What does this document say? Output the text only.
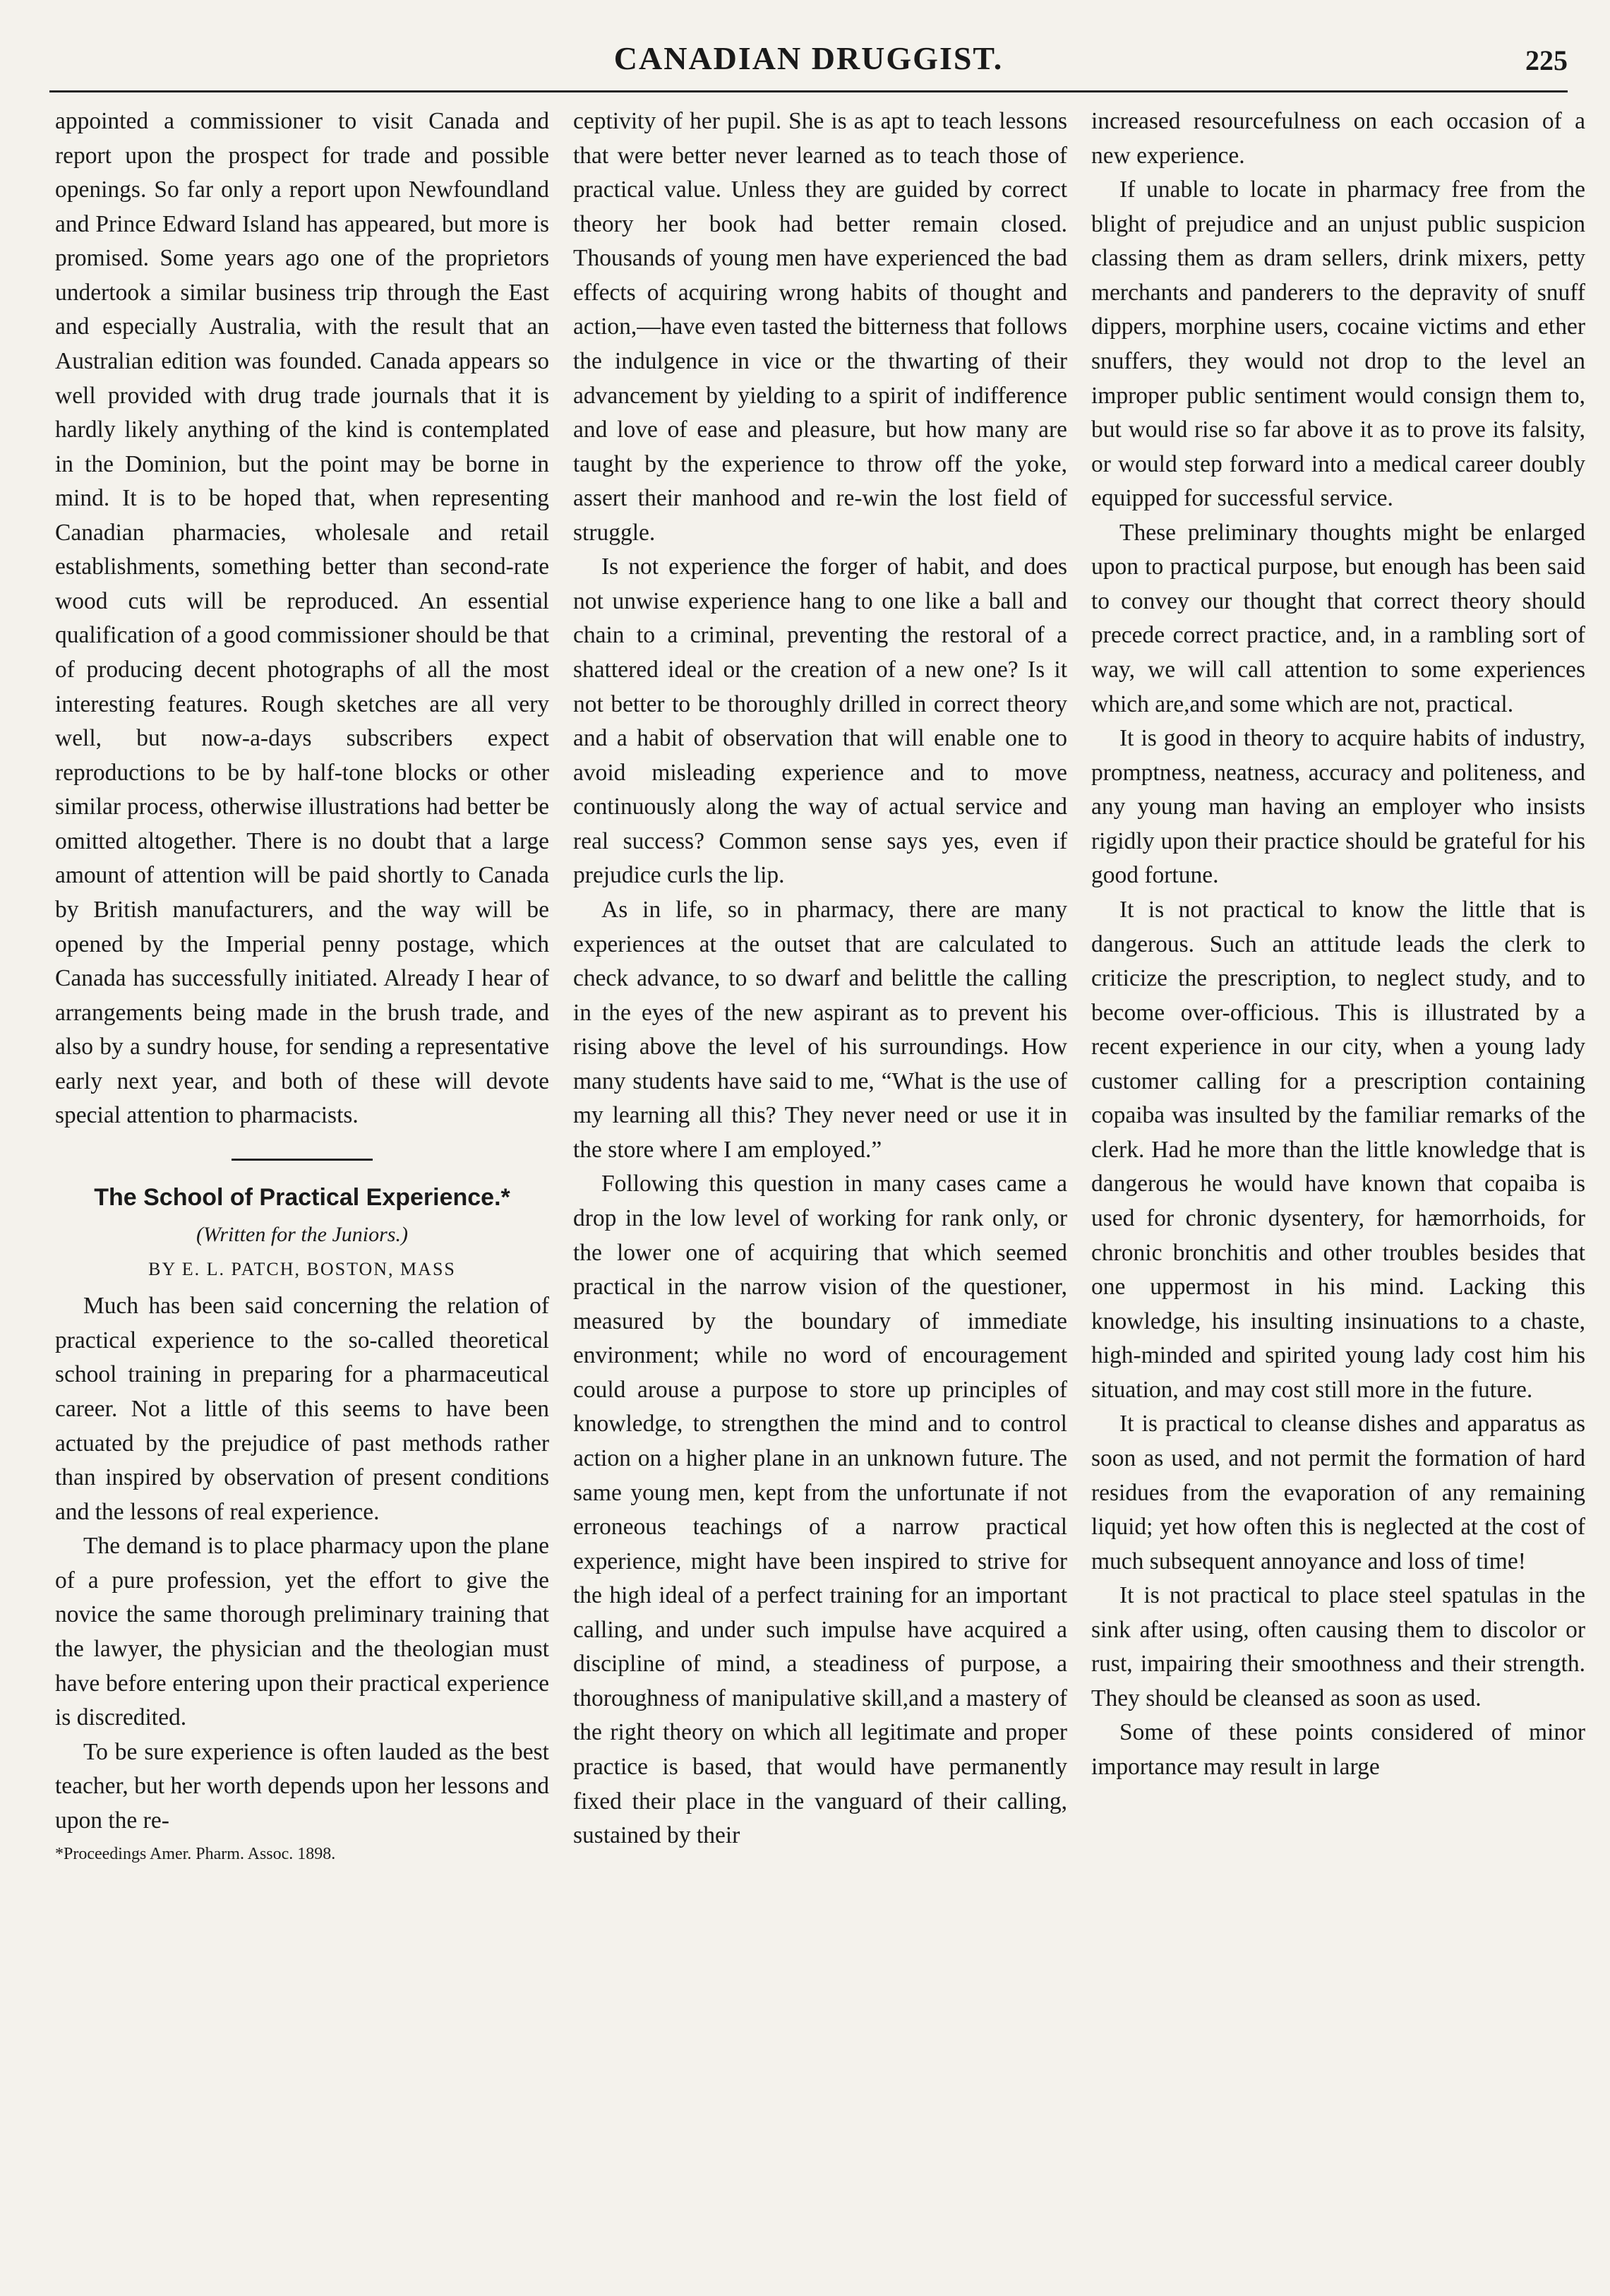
CANADIAN DRUGGIST.	225

appointed a commissioner to visit Canada and report upon the prospect for trade and possible openings. So far only a report upon Newfoundland and Prince Edward Island has appeared, but more is promised. Some years ago one of the proprietors undertook a similar business trip through the East and especially Australia, with the result that an Australian edition was founded. Canada appears so well provided with drug trade journals that it is hardly likely anything of the kind is contemplated in the Dominion, but the point may be borne in mind. It is to be hoped that, when representing Canadian pharmacies, wholesale and retail establishments, something better than second-rate wood cuts will be reproduced. An essential qualification of a good commissioner should be that of producing decent photographs of all the most interesting features. Rough sketches are all very well, but now-a-days subscribers expect reproductions to be by half-tone blocks or other similar process, otherwise illustrations had better be omitted altogether. There is no doubt that a large amount of attention will be paid shortly to Canada by British manufacturers, and the way will be opened by the Imperial penny postage, which Canada has successfully initiated. Already I hear of arrangements being made in the brush trade, and also by a sundry house, for sending a representative early next year, and both of these will devote special attention to pharmacists.

The School of Practical Experience.*
(Written for the Juniors.)
BY E. L. PATCH, BOSTON, MASS

Much has been said concerning the relation of practical experience to the so-called theoretical school training in preparing for a pharmaceutical career. Not a little of this seems to have been actuated by the prejudice of past methods rather than inspired by observation of present conditions and the lessons of real experience.

The demand is to place pharmacy upon the plane of a pure profession, yet the effort to give the novice the same thorough preliminary training that the lawyer, the physician and the theologian must have before entering upon their practical experience is discredited.

To be sure experience is often lauded as the best teacher, but her worth depends upon her lessons and upon the re-

*Proceedings Amer. Pharm. Assoc. 1898.

ceptivity of her pupil. She is as apt to teach lessons that were better never learned as to teach those of practical value. Unless they are guided by correct theory her book had better remain closed. Thousands of young men have experienced the bad effects of acquiring wrong habits of thought and action,—have even tasted the bitterness that follows the indulgence in vice or the thwarting of their advancement by yielding to a spirit of indifference and love of ease and pleasure, but how many are taught by the experience to throw off the yoke, assert their manhood and re-win the lost field of struggle.

Is not experience the forger of habit, and does not unwise experience hang to one like a ball and chain to a criminal, preventing the restoral of a shattered ideal or the creation of a new one? Is it not better to be thoroughly drilled in correct theory and a habit of observation that will enable one to avoid misleading experience and to move continuously along the way of actual service and real success? Common sense says yes, even if prejudice curls the lip.

As in life, so in pharmacy, there are many experiences at the outset that are calculated to check advance, to so dwarf and belittle the calling in the eyes of the new aspirant as to prevent his rising above the level of his surroundings. How many students have said to me, “What is the use of my learning all this? They never need or use it in the store where I am employed.”

Following this question in many cases came a drop in the low level of working for rank only, or the lower one of acquiring that which seemed practical in the narrow vision of the questioner, measured by the boundary of immediate environment; while no word of encouragement could arouse a purpose to store up principles of knowledge, to strengthen the mind and to control action on a higher plane in an unknown future. The same young men, kept from the unfortunate if not erroneous teachings of a narrow practical experience, might have been inspired to strive for the high ideal of a perfect training for an important calling, and under such impulse have acquired a discipline of mind, a steadiness of purpose, a thoroughness of manipulative skill,and a mastery of the right theory on which all legitimate and proper practice is based, that would have permanently fixed their place in the vanguard of their calling, sustained by their

increased resourcefulness on each occasion of a new experience.

If unable to locate in pharmacy free from the blight of prejudice and an unjust public suspicion classing them as dram sellers, drink mixers, petty merchants and panderers to the depravity of snuff dippers, morphine users, cocaine victims and ether snuffers, they would not drop to the level an improper public sentiment would consign them to, but would rise so far above it as to prove its falsity, or would step forward into a medical career doubly equipped for successful service.

These preliminary thoughts might be enlarged upon to practical purpose, but enough has been said to convey our thought that correct theory should precede correct practice, and, in a rambling sort of way, we will call attention to some experiences which are,and some which are not, practical.

It is good in theory to acquire habits of industry, promptness, neatness, accuracy and politeness, and any young man having an employer who insists rigidly upon their practice should be grateful for his good fortune.

It is not practical to know the little that is dangerous. Such an attitude leads the clerk to criticize the prescription, to neglect study, and to become over-officious. This is illustrated by a recent experience in our city, when a young lady customer calling for a prescription containing copaiba was insulted by the familiar remarks of the clerk. Had he more than the little knowledge that is dangerous he would have known that copaiba is used for chronic dysentery, for hæmorrhoids, for chronic bronchitis and other troubles besides that one uppermost in his mind. Lacking this knowledge, his insulting insinuations to a chaste, high-minded and spirited young lady cost him his situation, and may cost still more in the future.

It is practical to cleanse dishes and apparatus as soon as used, and not permit the formation of hard residues from the evaporation of any remaining liquid; yet how often this is neglected at the cost of much subsequent annoyance and loss of time!

It is not practical to place steel spatulas in the sink after using, often causing them to discolor or rust, impairing their smoothness and their strength. They should be cleansed as soon as used.

Some of these points considered of minor importance may result in large
